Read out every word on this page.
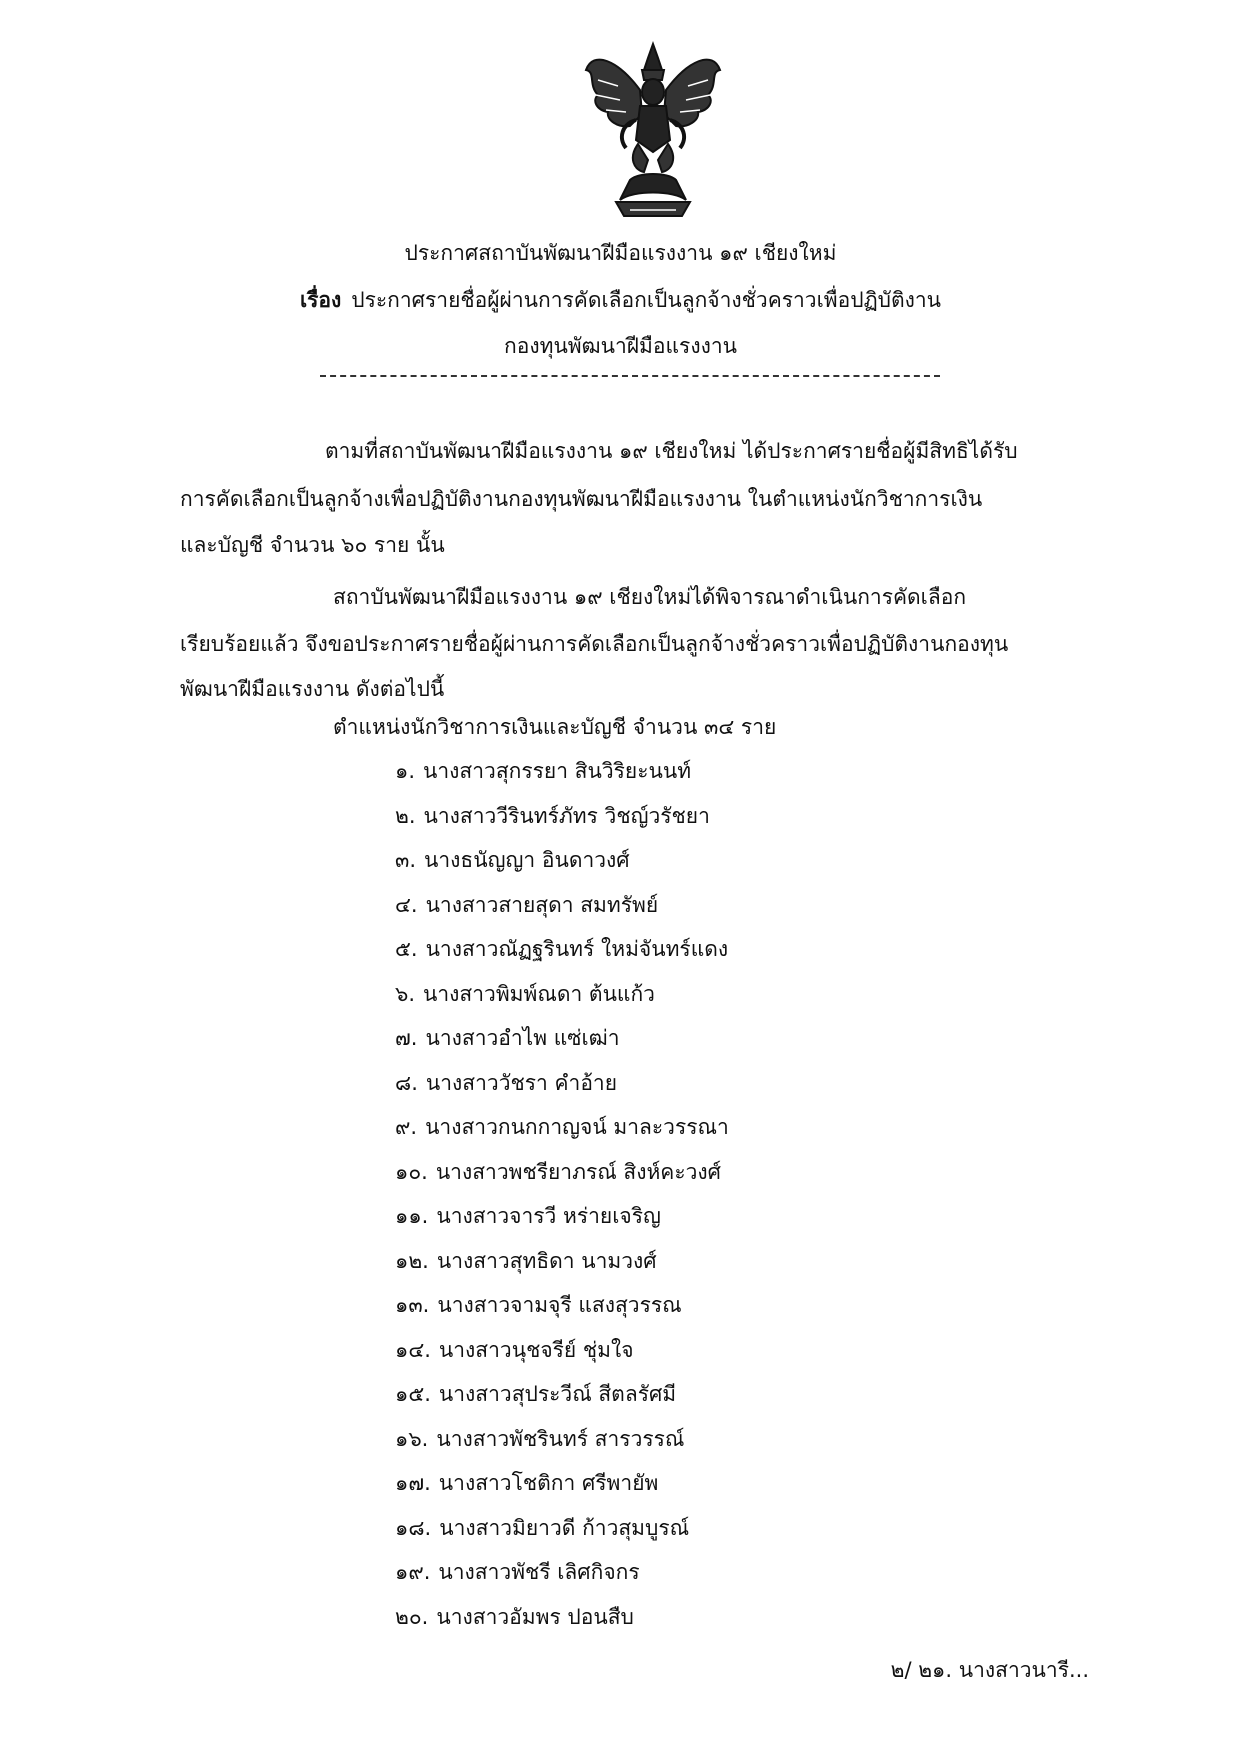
ประกาศสถาบันพัฒนาฝีมือแรงงาน ๑๙ เชียงใหม่
เรื่อง ประกาศรายชื่อผู้ผ่านการคัดเลือกเป็นลูกจ้างชั่วคราวเพื่อปฏิบัติงาน
กองทุนพัฒนาฝีมือแรงงาน
ตามที่สถาบันพัฒนาฝีมือแรงงาน ๑๙ เชียงใหม่ ได้ประกาศรายชื่อผู้มีสิทธิได้รับ
การคัดเลือกเป็นลูกจ้างเพื่อปฏิบัติงานกองทุนพัฒนาฝีมือแรงงาน ในตำแหน่งนักวิชาการเงิน
และบัญชี จำนวน ๖๐ ราย นั้น
สถาบันพัฒนาฝีมือแรงงาน ๑๙ เชียงใหม่ได้พิจารณาดำเนินการคัดเลือก
เรียบร้อยแล้ว จึงขอประกาศรายชื่อผู้ผ่านการคัดเลือกเป็นลูกจ้างชั่วคราวเพื่อปฏิบัติงานกองทุน
พัฒนาฝีมือแรงงาน ดังต่อไปนี้
ตำแหน่งนักวิชาการเงินและบัญชี จำนวน ๓๔ ราย
๑. นางสาวสุกรรยา สินวิริยะนนท์
๒. นางสาววีรินทร์ภัทร วิชญ์วรัชยา
๓. นางธนัญญา อินดาวงศ์
๔. นางสาวสายสุดา สมทรัพย์
๕. นางสาวณัฏฐรินทร์ ใหม่จันทร์แดง
๖. นางสาวพิมพ์ณดา ต้นแก้ว
๗. นางสาวอำไพ แซ่เฒ่า
๘. นางสาววัชรา คำอ้าย
๙. นางสาวกนกกาญจน์ มาละวรรณา
๑๐. นางสาวพชรียาภรณ์ สิงห์คะวงศ์
๑๑. นางสาวจารวี หร่ายเจริญ
๑๒. นางสาวสุทธิดา นามวงศ์
๑๓. นางสาวจามจุรี แสงสุวรรณ
๑๔. นางสาวนุชจรีย์ ชุ่มใจ
๑๕. นางสาวสุประวีณ์ สีตลรัศมี
๑๖. นางสาวพัชรินทร์ สารวรรณ์
๑๗. นางสาวโชติกา ศรีพายัพ
๑๘. นางสาวมิยาวดี ก้าวสุมบูรณ์
๑๙. นางสาวพัชรี เลิศกิจกร
๒๐. นางสาวอัมพร ปอนสืบ
๒/ ๒๑. นางสาวนารี...
